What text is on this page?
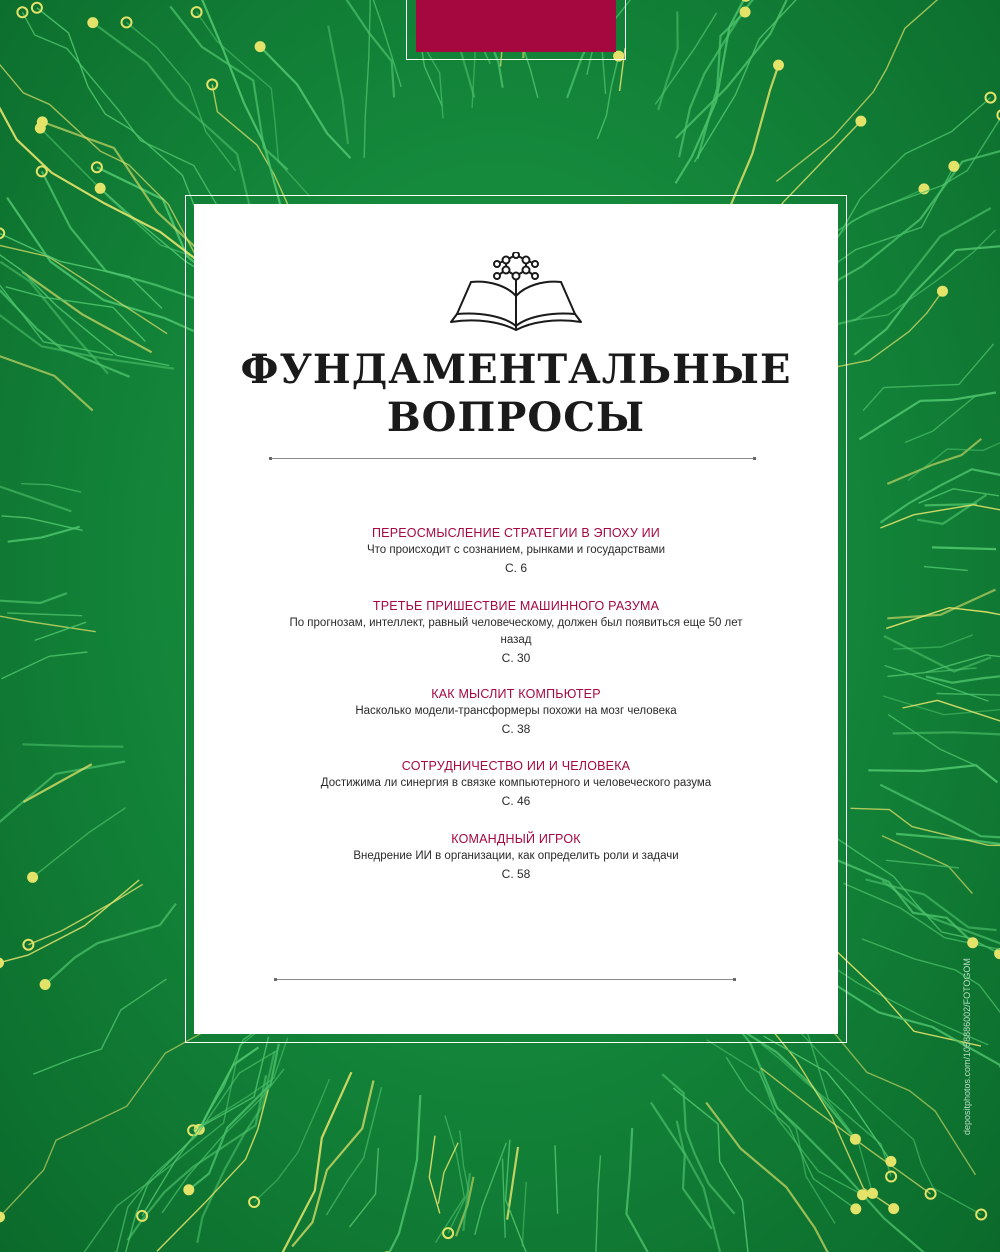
ФУНДАМЕНТАЛЬНЫЕ
ВОПРОСЫ
ПЕРЕОСМЫСЛЕНИЕ СТРАТЕГИИ В ЭПОХУ ИИ
Что происходит с сознанием, рынками и государствами
С. 6
ТРЕТЬЕ ПРИШЕСТВИЕ МАШИННОГО РАЗУМА
По прогнозам, интеллект, равный человеческому, должен был появиться еще 50 лет назад
С. 30
КАК МЫСЛИТ КОМПЬЮТЕР
Насколько модели-трансформеры похожи на мозг человека
С. 38
СОТРУДНИЧЕСТВО ИИ И ЧЕЛОВЕКА
Достижима ли синергия в связке компьютерного и человеческого разума
С. 46
КОМАНДНЫЙ ИГРОК
Внедрение ИИ в организации, как определить роли и задачи
С. 58
depositphotos.com/1058886002/FOTOGOM
